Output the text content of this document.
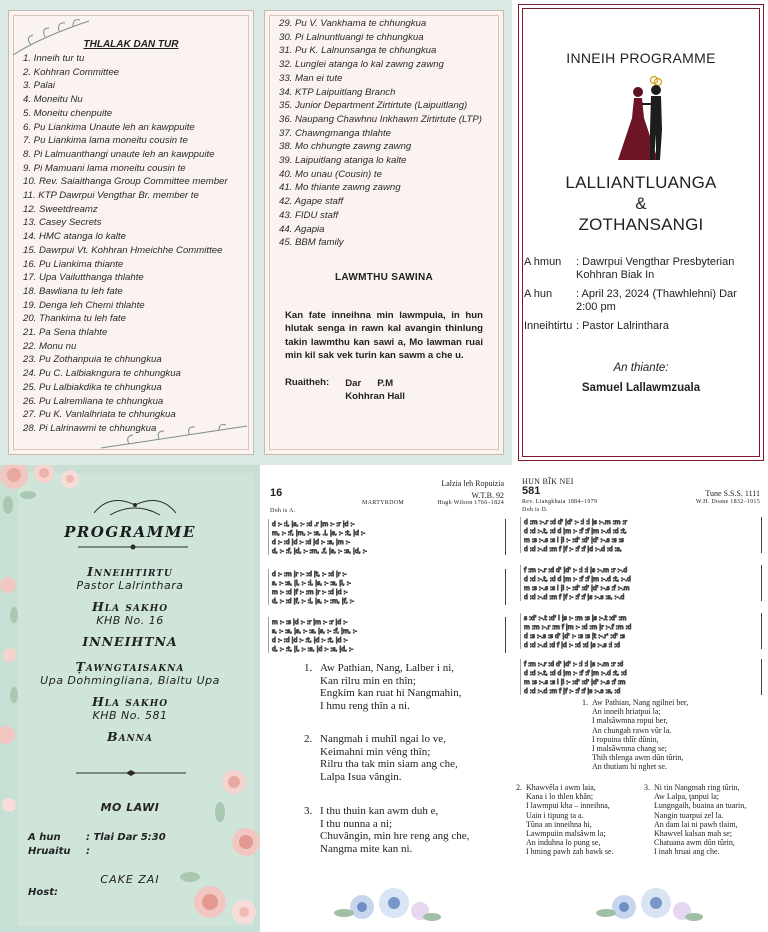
THLALAK DAN TUR
1. Inneih tur tu
2. Kohhran Committee
3. Palai
4. Moneitu Nu
5. Moneitu chenpuite
6. Pu Liankima Unaute leh an kawppuite
7. Pu Liankima lama moneitu cousin te
8. Pi Lalmuanthangi unaute leh an kawppuite
9. Pi Mamuani lama moneitu cousin te
10. Rev. Saiaithanga Group Committee member
11. KTP Dawrpui Vengthar Br. member te
12. Sweetdreamz
13. Casey Secrets
14. HMC atanga lo kalte
15. Dawrpui Vt. Kohhran Hmeichhe Committee
16. Pu Liankima thiante
17. Upa Vailutthanga thlahte
18. Bawliana tu leh fate
19. Denga leh Chemi thlahte
20. Thankima tu leh fate
21. Pa Sena thlahte
22. Monu nu
23. Pu Zothanpuia te chhungkua
24. Pu C. Lalbiakngura te chhungkua
25. Pu Lalbiakdika te chhungkua
26. Pu Lalremliana te chhungkua
27. Pu K. Vanlalhriata te chhungkua
28. Pi Lalrinawmi te chhungkua
29. Pu V. Vankhama te chhungkua
30. Pi Lalnuntluangi te chhungkua
31. Pu K. Lalnunsanga te chhungkua
32. Lunglei atanga lo kal zawng zawng
33. Man ei tute
34. KTP Laipuitlang Branch
35. Junior Department Zirtirtute (Laipuitlang)
36. Naupang Chawhnu Inkhawm Zirtirtute (LTP)
37. Chawngmanga thlahte
38. Mo chhungte zawng zawng
39. Laipuitlang atanga lo kalte
40. Mo unau (Cousin) te
41. Mo thiante zawng zawng
42. Agape staff
43. FIDU staff
44. Agapia
45. BBM family
LAWMTHU SAWINA
Kan fate inneihna min lawmpuia, in hun hlutak senga in rawn kal avangin thinlung takin lawmthu kan sawi a, Mo lawman ruai min kil sak vek turin kan sawm a che u.
Ruaitheh: Dar      P.M
Kohhran Hall
INNEIH PROGRAMME
LALLIANTLUANGA
&
ZOTHANSANGI
A hmun	: Dawrpui Vengthar Presbyterian Kohhran Biak In
A hun	: April 23, 2024 (Thawhlehni) Dar 2:00 pm
Inneihtirtu : Pastor Lalrinthara
An thiante:
Samuel Lallawmzuala
PROGRAMME
Inneihtirtu
Pastor Lalrinthara
Hla sakho
KHB No. 16
INNEIHTNA
Ṭawngtaisakna
Upa Dohmingliana, Bialtu Upa
Hla sakho
KHB No. 581
Banna
MO LAWI
A hun	: Tlai Dar 5:30
Hruaitu	:
CAKE ZAI
Host:
Lalzia leh Ropuizia
16	W.T.B. 92
MARTYRDOM	Hugh Wilson 1766–1824
Doh is A.
d :- :l, |s, :- :d .r |m :- :r |d :-
m, :- :f, |m, :- :s, .l, |s, :- :t, |d :-
d :- :d |d :- :d |d :- :s, |m :-
d, :- :f, |d, :- :m, .f, |s, :- :s, |d, :-
d :- :m |r :- :d |t, :- :d |r :-
s, :- :s, |l, :- :l, |s, :- :s, |l, :-
m :- :d |f :- :m |r :- :d |d :-
d, :- :d |f, :- :l, |s, :- :m, |f, :-
m :- :s |d :- :r |m :- :r |d :-
s, :- :s, |s, :- :s, |s, :- :f, |m, :-
d :- :d |d :- :t, |d :- :t, |d :-
d, :- :t, |l, :- :s, |d :- :s, |d, :-
1. Aw Pathian, Nang, Lalber i ni,
Kan rilru min en thîn;
Engkim kan ruat hi Nangmahin,
I hmu reng thîn a ni.
2. Nangmah i muhîl ngai lo ve,
Keimahni min vêng thîn;
Rilru tha tak min siam ang che,
Lalpa Isua vângin.
3. I thu thuin kan awm duh e,
I thu nunna a ni;
Chuvângin, min hre reng ang che,
Nangma mite kan ni.
HUN BÎK NEI
581	Tune S.S.S. 1111
Rev. Liangkhaia 1884–1979	W.H. Doane 1832–1915
Doh is D.
d :m :-.r :d d' |d' :- :l :l |s :-.m :m :r
d :d :-.t, :d d |m :- :f :f |m :-.d :d :t,
m :s :-.s :s l |l :- :d' :d' |d' :-.s :s :s
d :d :-.d :m f |f :- :f :f |d :-.d :d :s,
f :m :-.r :d d' |d' :- :l :l |s :-.m :r :-.d
d :d :-.t, :d d |m :- :f :f |m :-.d :t, :-.d
m :s :-.s :s l |l :- :d' :d' |d' :-.s :f :-.m
d :d :-.d :m f |f :- :f :f |s :-.s :s, :-.d
s :d' :-.t :d' l |s :- :m :s |s :-.t :d' :m
m :m :-.r :m f |m :- :d :m |r :-.f :m :d
d :s :-.s :s d' |d' :- :s :s |t :-.r' :d' :s
d :d :-.d :d f |d :- :d :d |s :-.s :l :d
f :m :-.r :d d' |d' :- :l :l |s :-.m :r :d
d :d :-.t, :d d |m :- :f :f |m :-.d :t, :d
m :s :-.s :s l |l :- :d' :d' |d' :-.s :f :m
d :d :-.d :m f |f :- :f :f |s :-.s :s, :d
1. Aw Pathian, Nang ngilnei ber,
An inneih hriatpui la;
I malsâwmna ropui ber,
An chungah rawn vûr la.
I ropuina thlîr dûnin,
I malsâwmna chang se;
Thih thlenga awm dûn tûrin,
An thutiam hi nghet se.
2. Khawvêla i awm laia,
Kana i lo thlen khân;
I lawmpui kha – inneihna,
Uain i tipung ta a.
Tûna an inneihna hi,
Lawmpuiin malsâwm la;
An induhna lo pung se,
I hming pawh zah bawk se.
3. Ni tin Nangmah ring tûrin,
Aw Lalpa, ţanpui la;
Lungngaih, buaina an tuarin,
Nangin tuarpui zel la.
An dam lai ni pawh tlaim,
Khawvel kalsan mah se;
Chatuana awm dûn tûrin,
I inah hruai ang che.
